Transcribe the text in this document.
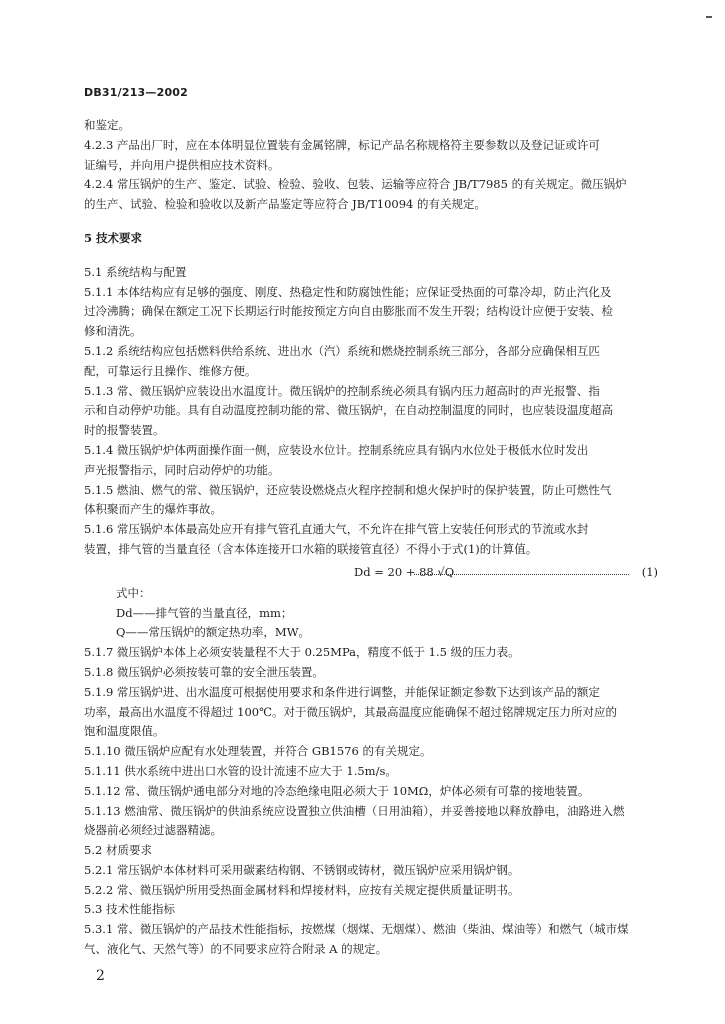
DB31/213—2002
和鉴定。
4.2.3 产品出厂时，应在本体明显位置装有金属铭牌，标记产品名称规格符主要参数以及登记证或许可
证编号，并向用户提供相应技术资料。
4.2.4 常压锅炉的生产、鉴定、试验、检验、验收、包装、运输等应符合 JB/T7985 的有关规定。微压锅炉
的生产、试验、检验和验收以及新产品鉴定等应符合 JB/T10094 的有关规定。
5 技术要求
5.1 系统结构与配置
5.1.1 本体结构应有足够的强度、刚度、热稳定性和防腐蚀性能；应保证受热面的可靠冷却，防止汽化及
过冷沸腾；确保在额定工况下长期运行时能按预定方向自由膨胀而不发生开裂；结构设计应便于安装、检
修和清洗。
5.1.2 系统结构应包括燃料供给系统、进出水（汽）系统和燃烧控制系统三部分，各部分应确保相互匹
配，可靠运行且操作、维修方便。
5.1.3 常、微压锅炉应装设出水温度计。微压锅炉的控制系统必须具有锅内压力超高时的声光报警、指
示和自动停炉功能。具有自动温度控制功能的常、微压锅炉，在自动控制温度的同时，也应装设温度超高
时的报警装置。
5.1.4 微压锅炉炉体两面操作面一侧，应装设水位计。控制系统应具有锅内水位处于极低水位时发出
声光报警指示，同时启动停炉的功能。
5.1.5 燃油、燃气的常、微压锅炉，还应装设燃烧点火程序控制和熄火保护时的保护装置，防止可燃性气
体积聚而产生的爆炸事故。
5.1.6 常压锅炉本体最高处应开有排气管孔直通大气，不允许在排气管上安装任何形式的节流或水封
装置，排气管的当量直径（含本体连接开口水箱的联接管直径）不得小于式(1)的计算值。
Dd = 20 + 88 √Q	(1)
式中：
Dd——排气管的当量直径，mm；
Q——常压锅炉的额定热功率，MW。
5.1.7 微压锅炉本体上必须安装量程不大于 0.25MPa，精度不低于 1.5 级的压力表。
5.1.8 微压锅炉必须按装可靠的安全泄压装置。
5.1.9 常压锅炉进、出水温度可根据使用要求和条件进行调整，并能保证额定参数下达到该产品的额定
功率，最高出水温度不得超过 100℃。对于微压锅炉，其最高温度应能确保不超过铭牌规定压力所对应的
饱和温度限值。
5.1.10 微压锅炉应配有水处理装置，并符合 GB1576 的有关规定。
5.1.11 供水系统中进出口水管的设计流速不应大于 1.5m/s。
5.1.12 常、微压锅炉通电部分对地的冷态绝缘电阻必须大于 10MΩ，炉体必须有可靠的接地装置。
5.1.13 燃油常、微压锅炉的供油系统应设置独立供油槽（日用油箱），并妥善接地以释放静电，油路进入燃
烧器前必须经过滤器精滤。
5.2 材质要求
5.2.1 常压锅炉本体材料可采用碳素结构钢、不锈钢或铸材，微压锅炉应采用锅炉钢。
5.2.2 常、微压锅炉所用受热面金属材料和焊接材料，应按有关规定提供质量证明书。
5.3 技术性能指标
5.3.1 常、微压锅炉的产品技术性能指标，按燃煤（烟煤、无烟煤）、燃油（柴油、煤油等）和燃气（城市煤
气、液化气、天然气等）的不同要求应符合附录 A 的规定。
2
